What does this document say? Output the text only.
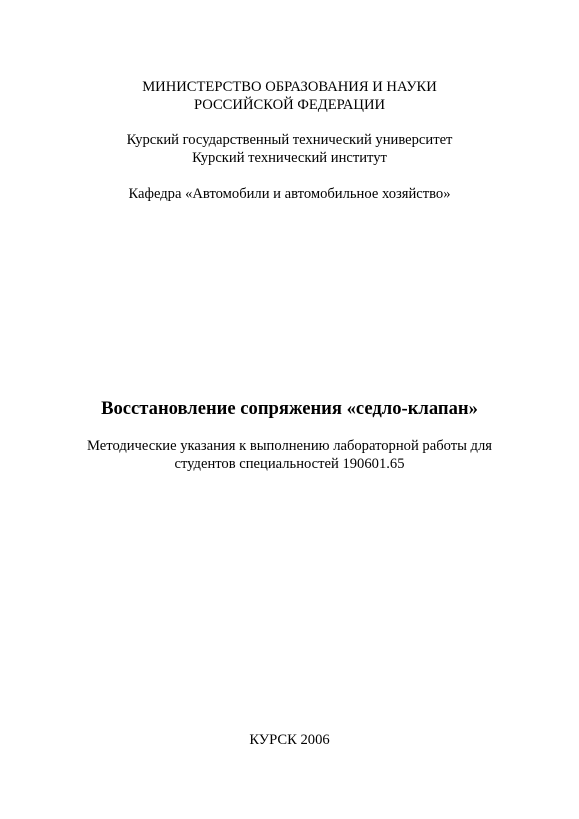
МИНИСТЕРСТВО ОБРАЗОВАНИЯ И НАУКИ
РОССИЙСКОЙ ФЕДЕРАЦИИ
Курский государственный технический университет
Курский технический институт
Кафедра «Автомобили и автомобильное хозяйство»
Восстановление сопряжения «седло-клапан»
Методические указания к выполнению лабораторной работы для
студентов специальностей 190601.65
КУРСК 2006
